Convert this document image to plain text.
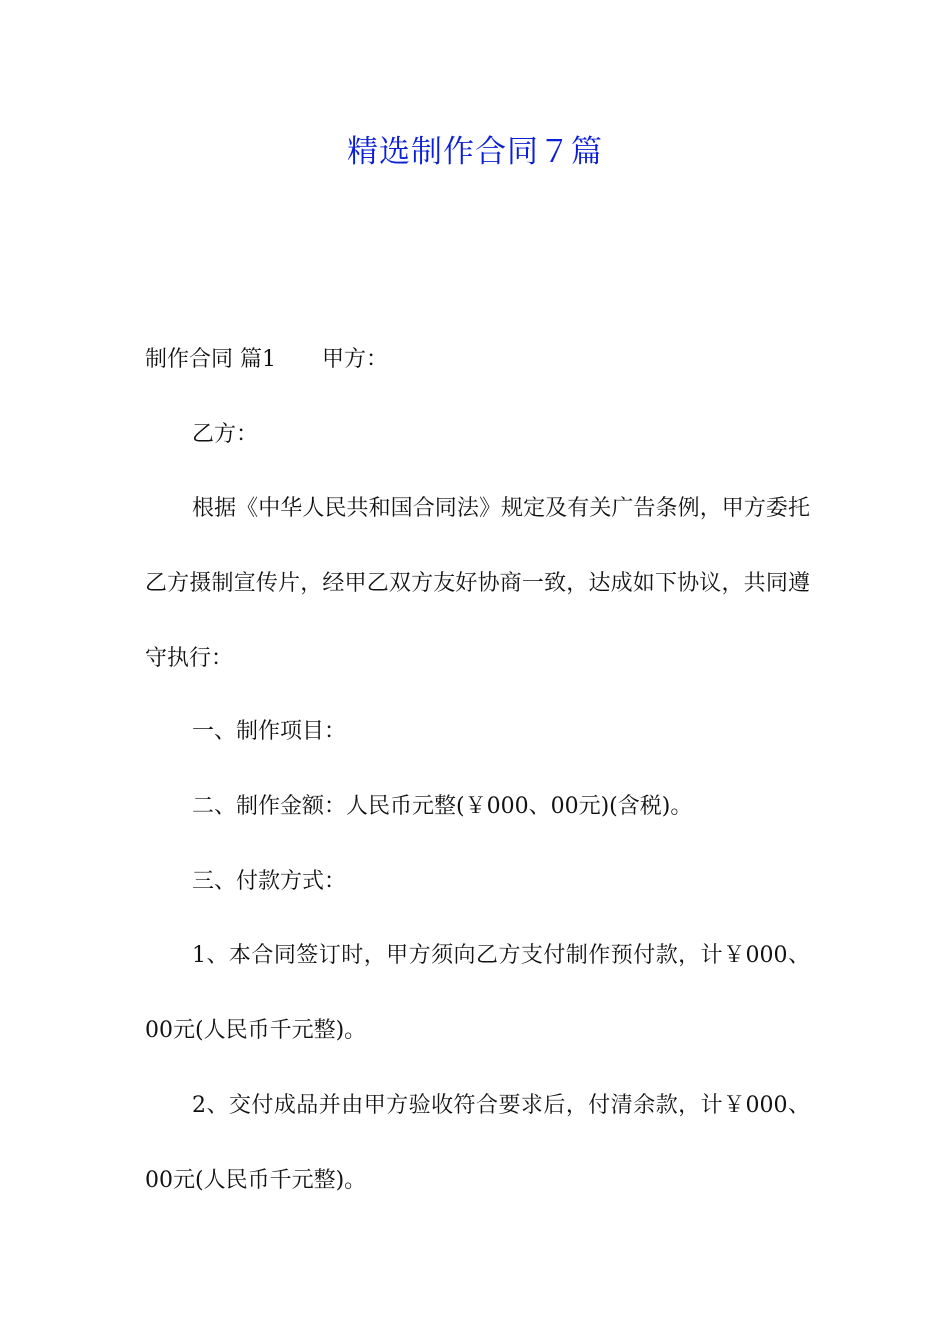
精选制作合同７篇

制作合同 篇1 甲方：

乙方：

根据《中华人民共和国合同法》规定及有关广告条例，甲方委托乙方摄制宣传片，经甲乙双方友好协商一致，达成如下协议，共同遵守执行：

一、制作项目：

二、制作金额：人民币元整(￥000、00元)(含税)。

三、付款方式：

1、本合同签订时，甲方须向乙方支付制作预付款，计￥000、00元(人民币千元整)。

2、交付成品并由甲方验收符合要求后，付清余款，计￥000、00元(人民币千元整)。
